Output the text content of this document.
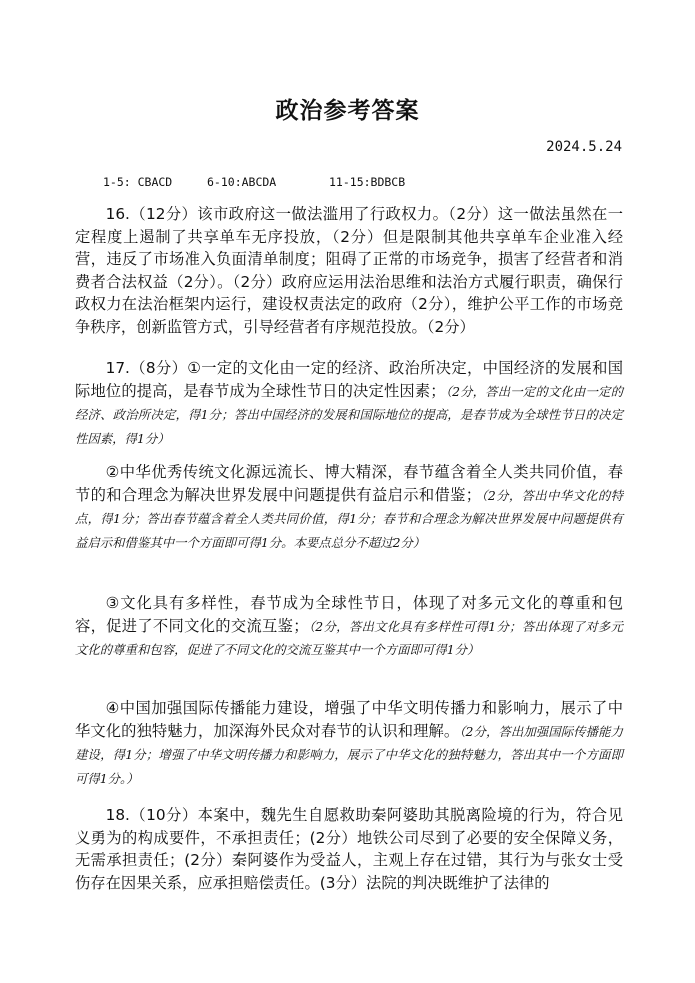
政治参考答案
2024.5.24
1-5: CBACD	6-10:ABCDA	11-15:BDBCB

16.（12分）该市政府这一做法滥用了行政权力。（2分）这一做法虽然在一定程度上遏制了共享单车无序投放，（2分）但是限制其他共享单车企业准入经营，违反了市场准入负面清单制度；阻碍了正常的市场竞争，损害了经营者和消费者合法权益（2分）。（2分）政府应运用法治思维和法治方式履行职责，确保行政权力在法治框架内运行，建设权责法定的政府（2分），维护公平工作的市场竞争秩序，创新监管方式，引导经营者有序规范投放。（2分）

17.（8分）①一定的文化由一定的经济、政治所决定，中国经济的发展和国际地位的提高，是春节成为全球性节日的决定性因素；（2分，答出一定的文化由一定的经济、政治所决定，得1分；答出中国经济的发展和国际地位的提高，是春节成为全球性节日的决定性因素，得1分）

②中华优秀传统文化源远流长、博大精深，春节蕴含着全人类共同价值，春节的和合理念为解决世界发展中问题提供有益启示和借鉴；（2分，答出中华文化的特点，得1分；答出春节蕴含着全人类共同价值，得1分；春节和合理念为解决世界发展中问题提供有益启示和借鉴其中一个方面即可得1分。本要点总分不超过2分）

③文化具有多样性，春节成为全球性节日，体现了对多元文化的尊重和包容，促进了不同文化的交流互鉴；（2分，答出文化具有多样性可得1分；答出体现了对多元文化的尊重和包容，促进了不同文化的交流互鉴其中一个方面即可得1分）

④中国加强国际传播能力建设，增强了中华文明传播力和影响力，展示了中华文化的独特魅力，加深海外民众对春节的认识和理解。（2分，答出加强国际传播能力建设，得1分；增强了中华文明传播力和影响力，展示了中华文化的独特魅力，答出其中一个方面即可得1分。）

18.（10分）本案中，魏先生自愿救助秦阿婆助其脱离险境的行为，符合见义勇为的构成要件，不承担责任；(2分）地铁公司尽到了必要的安全保障义务，无需承担责任；(2分）秦阿婆作为受益人，主观上存在过错，其行为与张女士受伤存在因果关系，应承担赔偿责任。(3分）法院的判决既维护了法律的
